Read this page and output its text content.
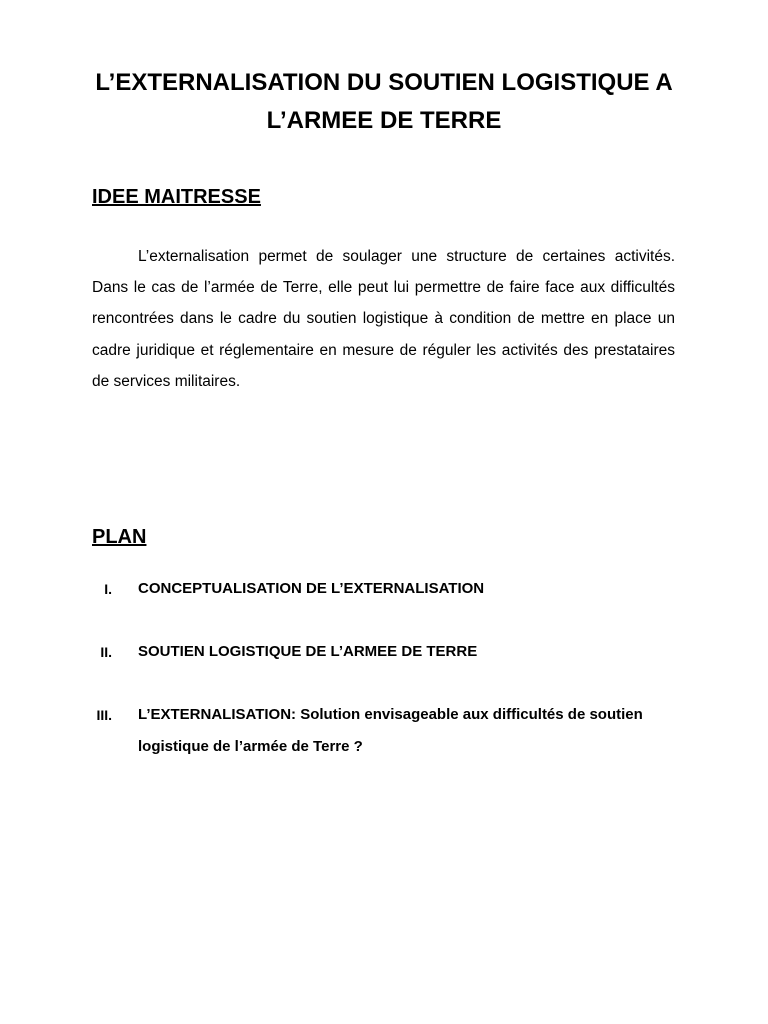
L’EXTERNALISATION DU SOUTIEN LOGISTIQUE A
L’ARMEE DE TERRE
IDEE MAITRESSE

L’externalisation permet de soulager une structure de certaines activités. Dans le cas de l’armée de Terre, elle peut lui permettre de faire face aux difficultés rencontrées dans le cadre du soutien logistique à condition de mettre en place un cadre juridique et réglementaire en mesure de réguler les activités des prestataires de services militaires.

PLAN
I. CONCEPTUALISATION DE L’EXTERNALISATION
II. SOUTIEN LOGISTIQUE DE L’ARMEE DE TERRE
III. L’EXTERNALISATION: Solution envisageable aux difficultés de soutien logistique de l’armée de Terre ?
